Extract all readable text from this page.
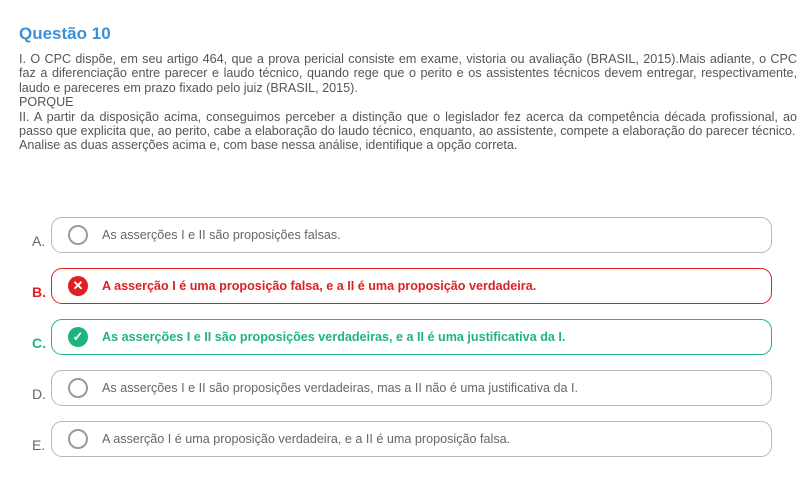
Questão 10

I. O CPC dispõe, em seu artigo 464, que a prova pericial consiste em exame, vistoria ou avaliação (BRASIL, 2015).Mais adiante, o CPC faz a diferenciação entre parecer e laudo técnico, quando rege que o perito e os assistentes técnicos devem entregar, respectivamente, laudo e pareceres em prazo fixado pelo juiz (BRASIL, 2015).

PORQUE

II. A partir da disposição acima, conseguimos perceber a distinção que o legislador fez acerca da competência década profissional, ao passo que explicita que, ao perito, cabe a elaboração do laudo técnico, enquanto, ao assistente, compete a elaboração do parecer técnico.

Analise as duas asserções acima e, com base nessa análise, identifique a opção correta.

A.	As asserções I e II são proposições falsas.
B.	✕	A asserção I é uma proposição falsa, e a II é uma proposição verdadeira.
C.	✓	As asserções I e II são proposições verdadeiras, e a II é uma justificativa da I.
D.	As asserções I e II são proposições verdadeiras, mas a II não é uma justificativa da I.
E.	A asserção I é uma proposição verdadeira, e a II é uma proposição falsa.
